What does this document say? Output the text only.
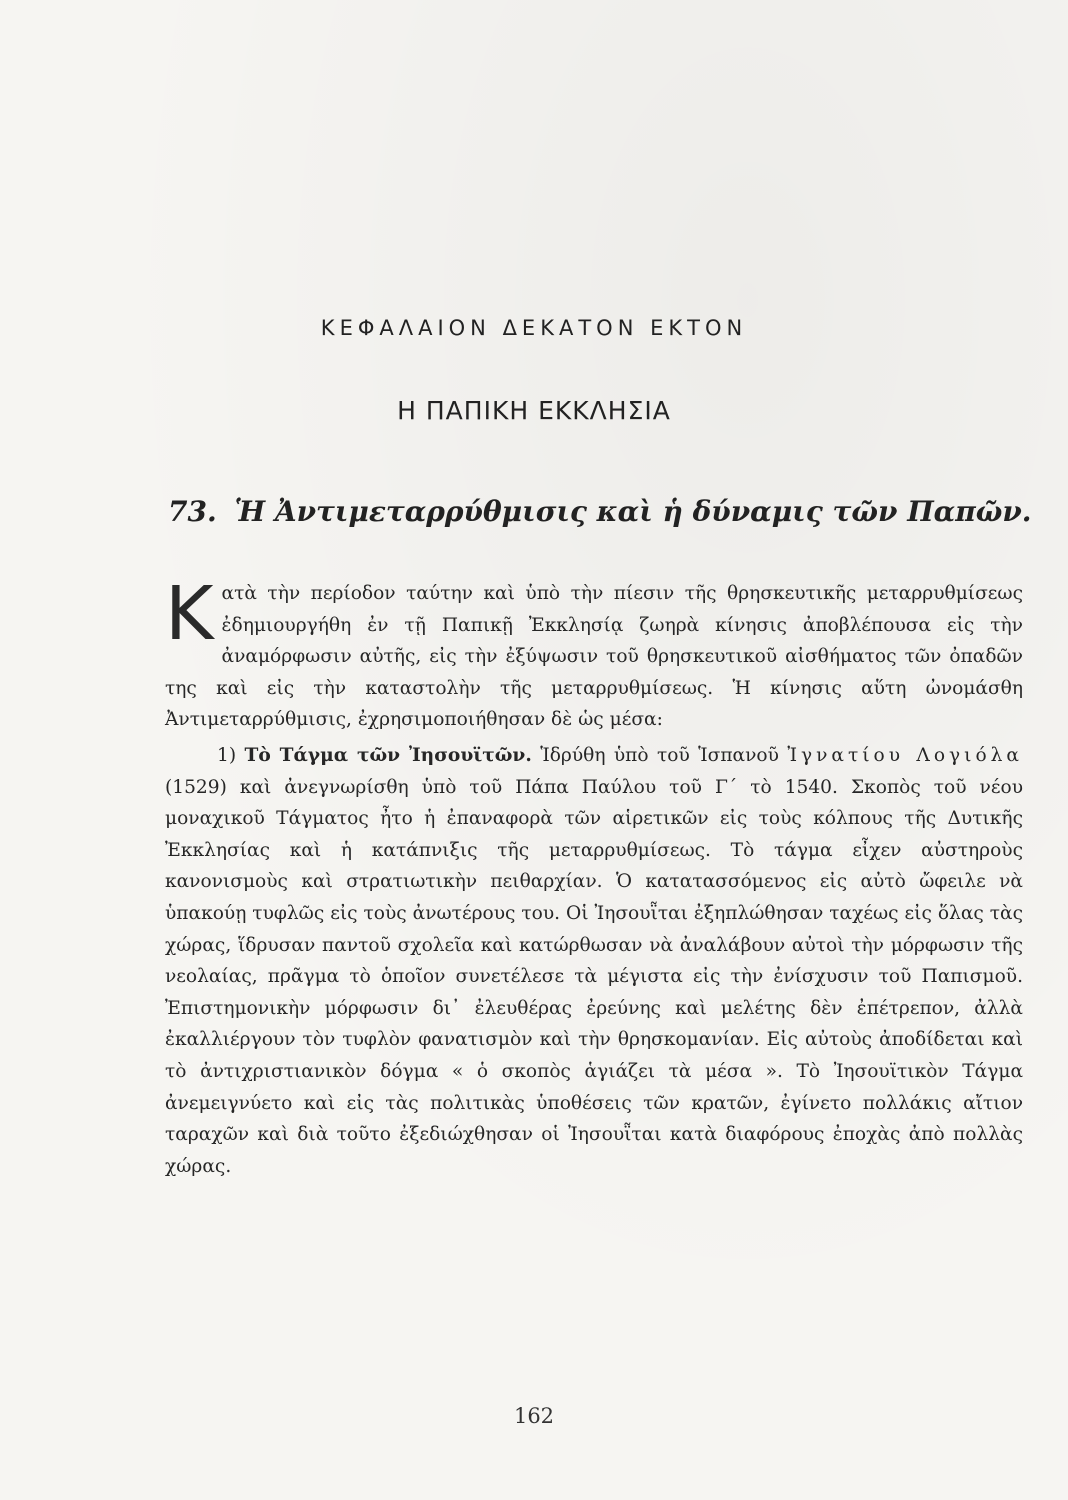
ΚΕΦΑΛΑΙΟΝ ΔΕΚΑΤΟΝ ΕΚΤΟΝ
Η ΠΑΠΙΚΗ ΕΚΚΛΗΣΙΑ
73. Ἡ Ἀντιμεταρρύθμισις καὶ ἡ δύναμις τῶν Παπῶν.

Κατὰ τὴν περίοδον ταύτην καὶ ὑπὸ τὴν πίεσιν τῆς θρησκευτικῆς μεταρρυθμίσεως ἐδημιουργήθη ἐν τῇ Παπικῇ Ἐκκλησίᾳ ζωηρὰ κίνησις ἀποβλέπουσα εἰς τὴν ἀναμόρφωσιν αὐτῆς, εἰς τὴν ἐξύψωσιν τοῦ θρησκευτικοῦ αἰσθήματος τῶν ὀπαδῶν της καὶ εἰς τὴν καταστολὴν τῆς μεταρρυθμίσεως. Ἡ κίνησις αὕτη ὠνομάσθη Ἀντιμεταρρύθμισις, ἐχρησιμοποιήθησαν δὲ ὡς μέσα:

1) Τὸ Τάγμα τῶν Ἰησουϊτῶν. Ἱδρύθη ὑπὸ τοῦ Ἱσπανοῦ Ἰγνατίου Λογιόλα (1529) καὶ ἀνεγνωρίσθη ὑπὸ τοῦ Πάπα Παύλου τοῦ Γ΄ τὸ 1540. Σκοπὸς τοῦ νέου μοναχικοῦ Τάγματος ἦτο ἡ ἐπαναφορὰ τῶν αἱρετικῶν εἰς τοὺς κόλπους τῆς Δυτικῆς Ἐκκλησίας καὶ ἡ κατάπνιξις τῆς μεταρρυθμίσεως. Τὸ τάγμα εἶχεν αὐστηροὺς κανονισμοὺς καὶ στρατιωτικὴν πειθαρχίαν. Ὁ κατατασσόμενος εἰς αὐτὸ ὤφειλε νὰ ὑπακούῃ τυφλῶς εἰς τοὺς ἀνωτέρους του. Οἱ Ἰησουῗται ἐξηπλώθησαν ταχέως εἰς ὅλας τὰς χώρας, ἵδρυσαν παντοῦ σχολεῖα καὶ κατώρθωσαν νὰ ἀναλάβουν αὐτοὶ τὴν μόρφωσιν τῆς νεολαίας, πρᾶγμα τὸ ὁποῖον συνετέλεσε τὰ μέγιστα εἰς τὴν ἐνίσχυσιν τοῦ Παπισμοῦ. Ἐπιστημονικὴν μόρφωσιν δι᾿ ἐλευθέρας ἐρεύνης καὶ μελέτης δὲν ἐπέτρεπον, ἀλλὰ ἐκαλλιέργουν τὸν τυφλὸν φανατισμὸν καὶ τὴν θρησκομανίαν. Εἰς αὐτοὺς ἀποδίδεται καὶ τὸ ἀντιχριστιανικὸν δόγμα « ὁ σκοπὸς ἁγιάζει τὰ μέσα ». Τὸ Ἰησουϊτικὸν Τάγμα ἀνεμειγνύετο καὶ εἰς τὰς πολιτικὰς ὑποθέσεις τῶν κρατῶν, ἐγίνετο πολλάκις αἴτιον ταραχῶν καὶ διὰ τοῦτο ἐξεδιώχθησαν οἱ Ἰησουῗται κατὰ διαφόρους ἐποχὰς ἀπὸ πολλὰς χώρας.

162
